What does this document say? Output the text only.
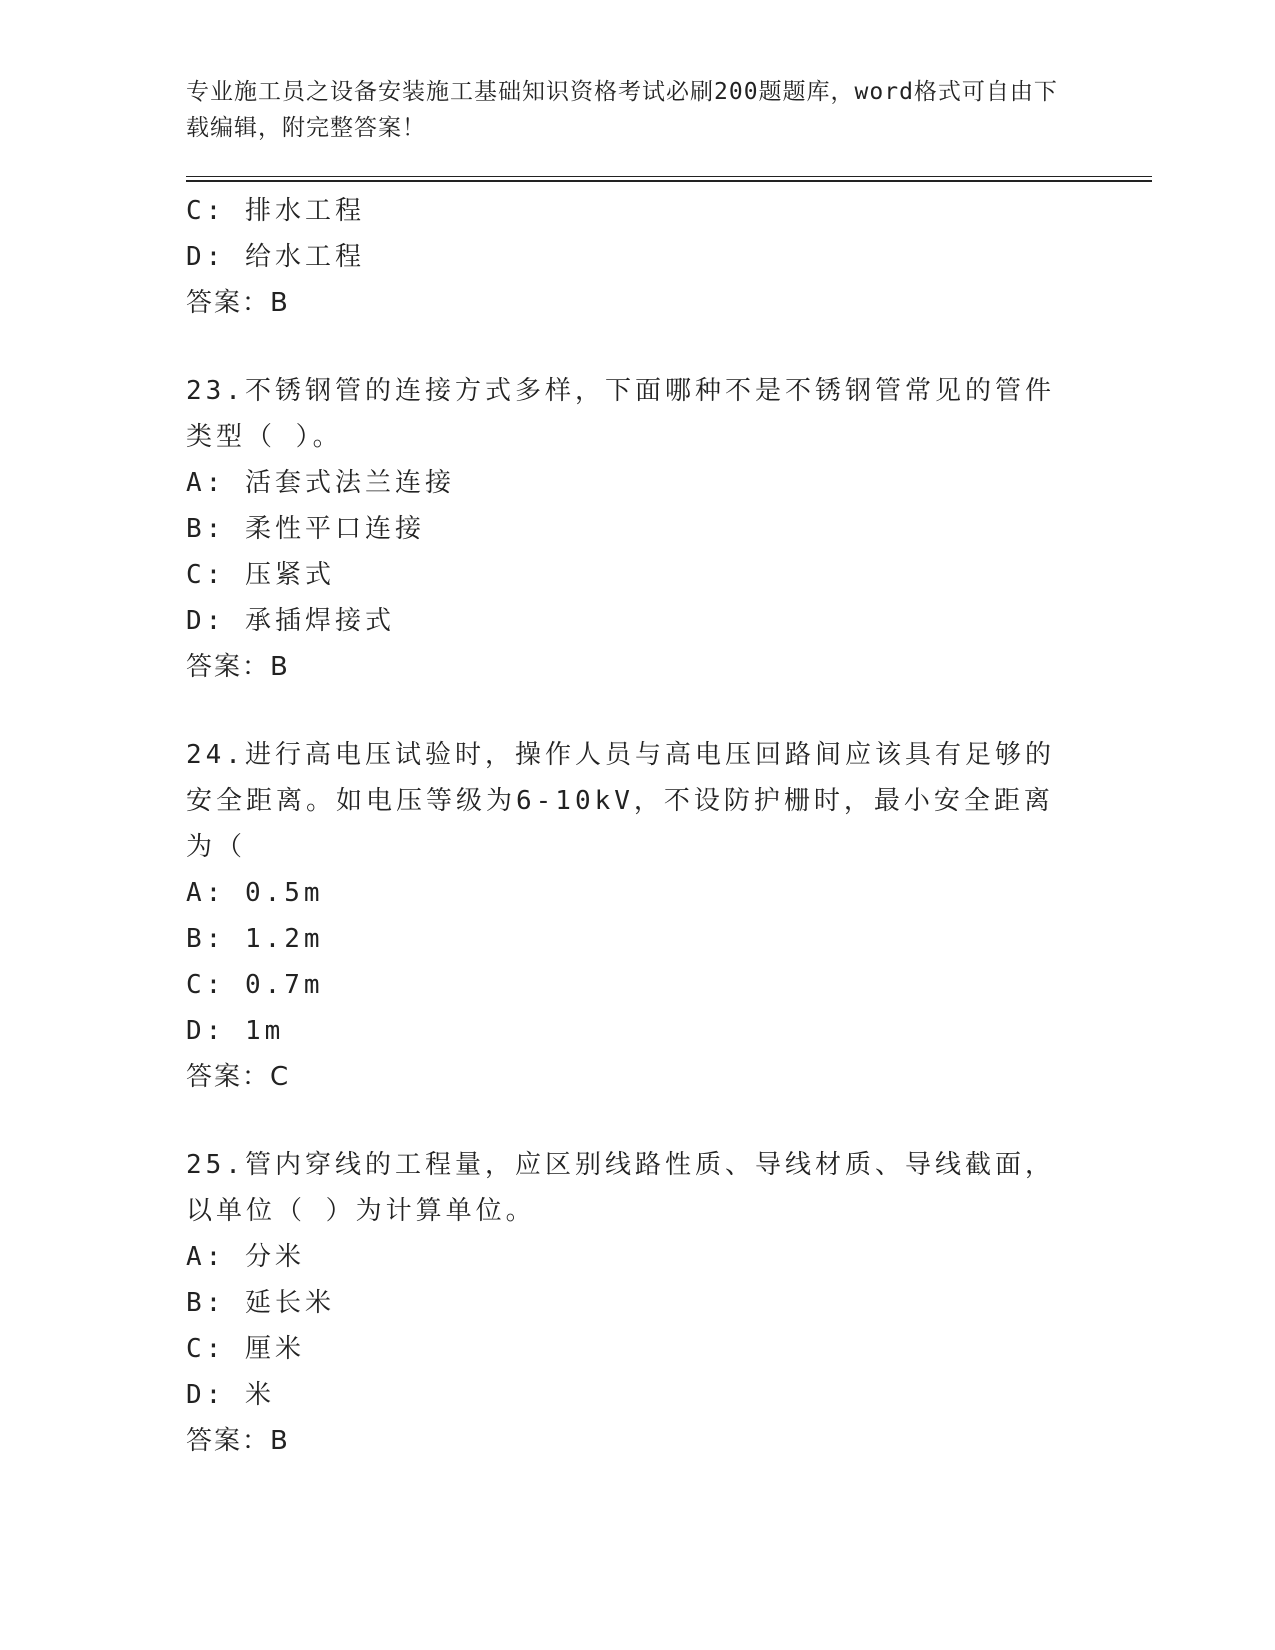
专业施工员之设备安装施工基础知识资格考试必刷200题题库，word格式可自由下载编辑，附完整答案！
C: 排水工程
D: 给水工程
答案：B
23.不锈钢管的连接方式多样，下面哪种不是不锈钢管常见的管件类型（ ）。
A: 活套式法兰连接
B: 柔性平口连接
C: 压紧式
D: 承插焊接式
答案：B
24.进行高电压试验时，操作人员与高电压回路间应该具有足够的安全距离。如电压等级为6-10kV，不设防护栅时，最小安全距离为（
A: 0.5m
B: 1.2m
C: 0.7m
D: 1m
答案：C
25.管内穿线的工程量，应区别线路性质、导线材质、导线截面，以单位（ ）为计算单位。
A: 分米
B: 延长米
C: 厘米
D: 米
答案：B
